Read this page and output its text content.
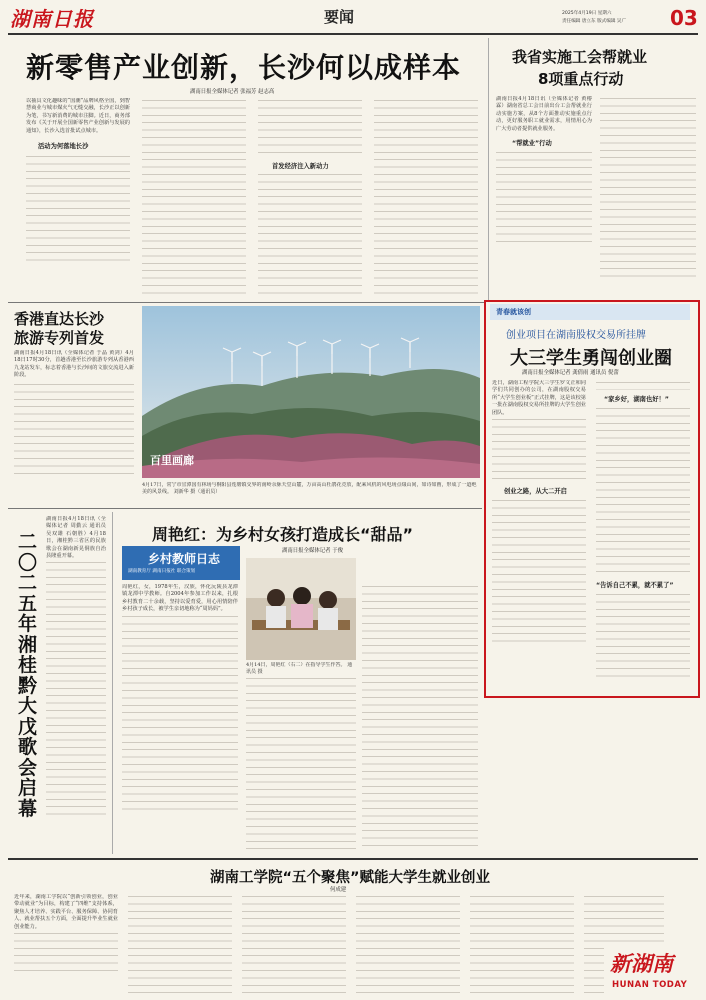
湖南日报	要闻	2025年4月19日 星期六
责任编辑 唐立东 版式编辑 吴广 03
新零售产业创新，长沙何以成样本
湖南日报全媒体记者 张福芳 赵志高
以抽具文化趣味的“国潮”品牌风格全国，到智慧商业与城市煤火气无缝交融，长沙正以创新为笔，书写新消费的城市注脚。近日，商务部发布《关于开展全国新零售产业创新与发展的通知》，长沙入选首批试点城市。
活动为何落地长沙
首发经济注入新动力
我省实施工会帮就业
8项重点行动
湖南日报4月18日讯（全媒体记者 黄椿霖）湖南省总工会日前出台工会帮就业行动实施方案，从8个方面推动实施重点行动，更好服务职工就业需求，用情用心为广大劳动者提供就业服务。
“帮就业”行动
香港直达长沙
旅游专列首发
湖南日报4月18日讯（全媒体记者 于晶 黄剑）4月18日17时30分，首趟香港至长沙旅游专列从香港西九龙站发车，标志着香港与长沙间的文旅交流进入新阶段。
百里画廊
4月17日，常宁市宜潭国有林场与桐阳县莲塘镇交界的南岭余脉天堂山麓，万亩高山杜鹃花竞放，配乘风机的风电场点缀山间，如诗如画，形成了一道绝美的风景线。 刘新华 摄（通讯员）
青春就该创
创业项目在湖南股权交易所挂牌
大三学生勇闯创业圈
湖南日报全媒体记者 龚倩雨 通讯员 倪蕾
近日，湖南工程学院大三学生罗文正和同学们共同创办的公司，在湖南股权交易所“大学生创业板”正式挂牌，这是该校第一批在湖南股权交易所挂牌的大学生创业团队。
创业之路，从大二开启
“家乡好，湖南也好！”
“告诉自己不累，就不累了”
二〇二五年湘桂黔大戊歌会启幕
湖南日报4月18日讯（全媒体记者 周勤云 通讯员 吴双雄 石朝胜）4月18日，湘桂黔三省区的民族歌会在湖南新晃侗族自治县隆重开幕。
周艳红：为乡村女孩打造成长“甜品”
乡村教师日志
湖南教育厅 湖南日报社 联合策划
周艳红，女，1978年生，汉族，怀化沅陵县龙潭镇龙潭中学教师。自2004年参加工作以来，扎根乡村教育二十余载，坚持以爱育爱，用心用情陪伴乡村孩子成长，被学生亲切地称为“周妈妈”。
湖南日报全媒体记者 于俊
4月14日，周艳红（右二）在指导学生作答。 通讯员 摄
湖南工学院“五个聚焦”赋能大学生就业创业
何成建
近年来，湖南工学院以“创新引领创业，创业带动就业”为目标，构建了“四维”支持体系，聚焦人才培养、实践平台、服务保障、协同育人、就业帮扶五个方面，全面提升毕业生就业创业能力。
新湖南
HUNAN TODAY
